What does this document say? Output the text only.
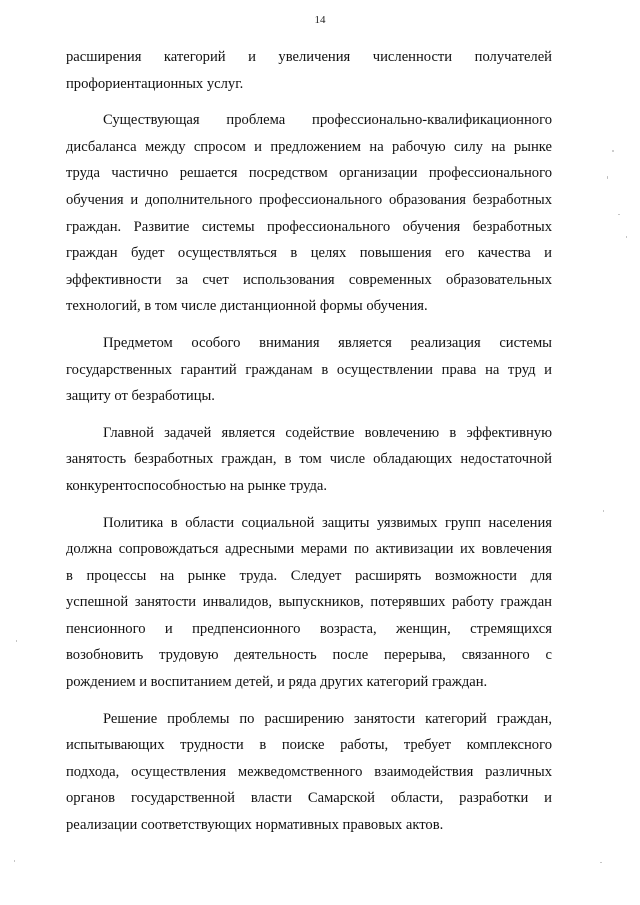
14

расширения категорий и увеличения численности получателей
профориентационных услуг.

Существующая проблема профессионально-квалификационного
дисбаланса между спросом и предложением на рабочую силу на рынке
труда частично решается посредством организации профессионального
обучения и дополнительного профессионального образования безработных
граждан. Развитие системы профессионального обучения безработных
граждан будет осуществляться в целях повышения его качества и
эффективности за счет использования современных образовательных
технологий, в том числе дистанционной формы обучения.

Предметом особого внимания является реализация системы
государственных гарантий гражданам в осуществлении права на труд и
защиту от безработицы.

Главной задачей является содействие вовлечению в эффективную
занятость безработных граждан, в том числе обладающих недостаточной
конкурентоспособностью на рынке труда.

Политика в области социальной защиты уязвимых групп населения
должна сопровождаться адресными мерами по активизации их вовлечения
в процессы на рынке труда. Следует расширять возможности для
успешной занятости инвалидов, выпускников, потерявших работу граждан
пенсионного и предпенсионного возраста, женщин, стремящихся
возобновить трудовую деятельность после перерыва, связанного с
рождением и воспитанием детей, и ряда других категорий граждан.

Решение проблемы по расширению занятости категорий граждан,
испытывающих трудности в поиске работы, требует комплексного
подхода, осуществления межведомственного взаимодействия различных
органов государственной власти Самарской области, разработки и
реализации соответствующих нормативных правовых актов.
